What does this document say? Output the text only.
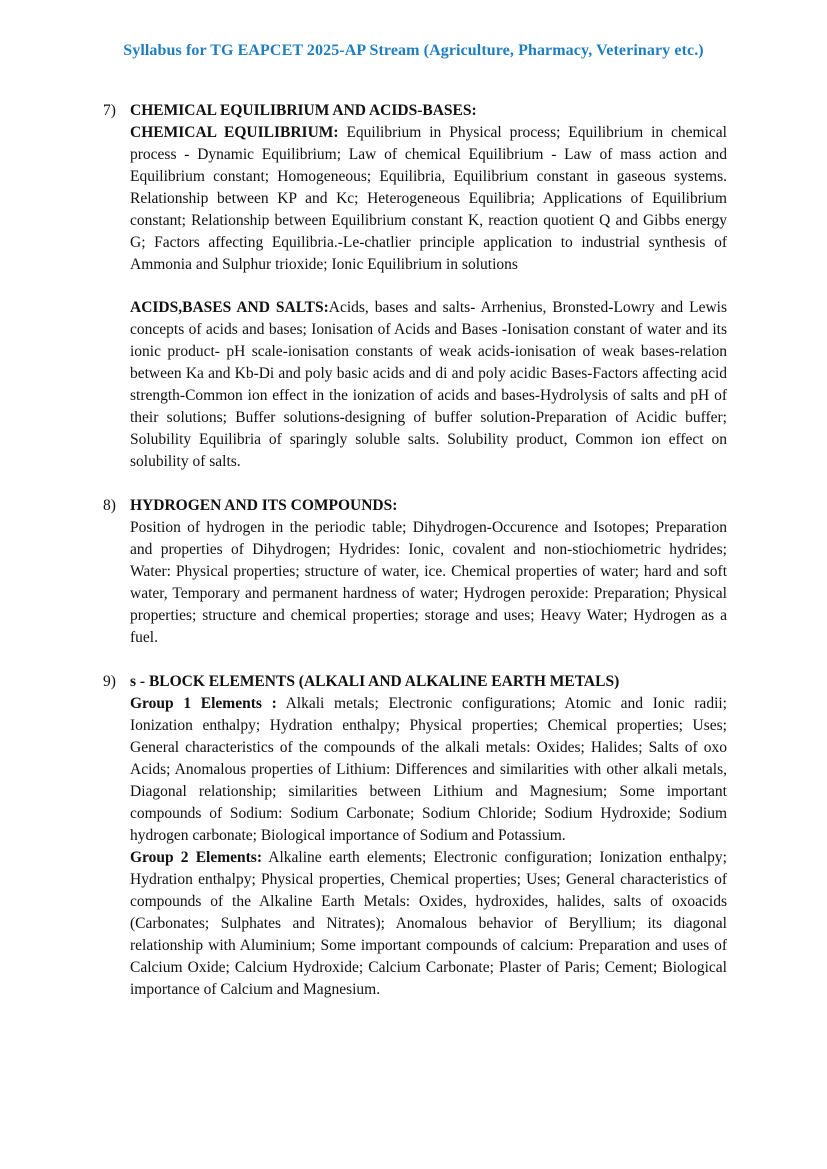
Syllabus for TG EAPCET 2025-AP Stream (Agriculture, Pharmacy, Veterinary etc.)
7) CHEMICAL EQUILIBRIUM AND ACIDS-BASES:

CHEMICAL EQUILIBRIUM: Equilibrium in Physical process; Equilibrium in chemical process - Dynamic Equilibrium; Law of chemical Equilibrium - Law of mass action and Equilibrium constant; Homogeneous; Equilibria, Equilibrium constant in gaseous systems. Relationship between KP and Kc; Heterogeneous Equilibria; Applications of Equilibrium constant; Relationship between Equilibrium constant K, reaction quotient Q and Gibbs energy G; Factors affecting Equilibria.-Le-chatlier principle application to industrial synthesis of Ammonia and Sulphur trioxide; Ionic Equilibrium in solutions

ACIDS,BASES AND SALTS:Acids, bases and salts- Arrhenius, Bronsted-Lowry and Lewis concepts of acids and bases; Ionisation of Acids and Bases -Ionisation constant of water and its ionic product- pH scale-ionisation constants of weak acids-ionisation of weak bases-relation between Ka and Kb-Di and poly basic acids and di and poly acidic Bases-Factors affecting acid strength-Common ion effect in the ionization of acids and bases-Hydrolysis of salts and pH of their solutions; Buffer solutions-designing of buffer solution-Preparation of Acidic buffer; Solubility Equilibria of sparingly soluble salts. Solubility product, Common ion effect on solubility of salts.

8) HYDROGEN AND ITS COMPOUNDS:

Position of hydrogen in the periodic table; Dihydrogen-Occurence and Isotopes; Preparation and properties of Dihydrogen; Hydrides: Ionic, covalent and non-stiochiometric hydrides; Water: Physical properties; structure of water, ice. Chemical properties of water; hard and soft water, Temporary and permanent hardness of water; Hydrogen peroxide: Preparation; Physical properties; structure and chemical properties; storage and uses; Heavy Water; Hydrogen as a fuel.

9) s - BLOCK ELEMENTS (ALKALI AND ALKALINE EARTH METALS)

Group 1 Elements : Alkali metals; Electronic configurations; Atomic and Ionic radii; Ionization enthalpy; Hydration enthalpy; Physical properties; Chemical properties; Uses; General characteristics of the compounds of the alkali metals: Oxides; Halides; Salts of oxo Acids; Anomalous properties of Lithium: Differences and similarities with other alkali metals, Diagonal relationship; similarities between Lithium and Magnesium; Some important compounds of Sodium: Sodium Carbonate; Sodium Chloride; Sodium Hydroxide; Sodium hydrogen carbonate; Biological importance of Sodium and Potassium.

Group 2 Elements: Alkaline earth elements; Electronic configuration; Ionization enthalpy; Hydration enthalpy; Physical properties, Chemical properties; Uses; General characteristics of compounds of the Alkaline Earth Metals: Oxides, hydroxides, halides, salts of oxoacids (Carbonates; Sulphates and Nitrates); Anomalous behavior of Beryllium; its diagonal relationship with Aluminium; Some important compounds of calcium: Preparation and uses of Calcium Oxide; Calcium Hydroxide; Calcium Carbonate; Plaster of Paris; Cement; Biological importance of Calcium and Magnesium.
